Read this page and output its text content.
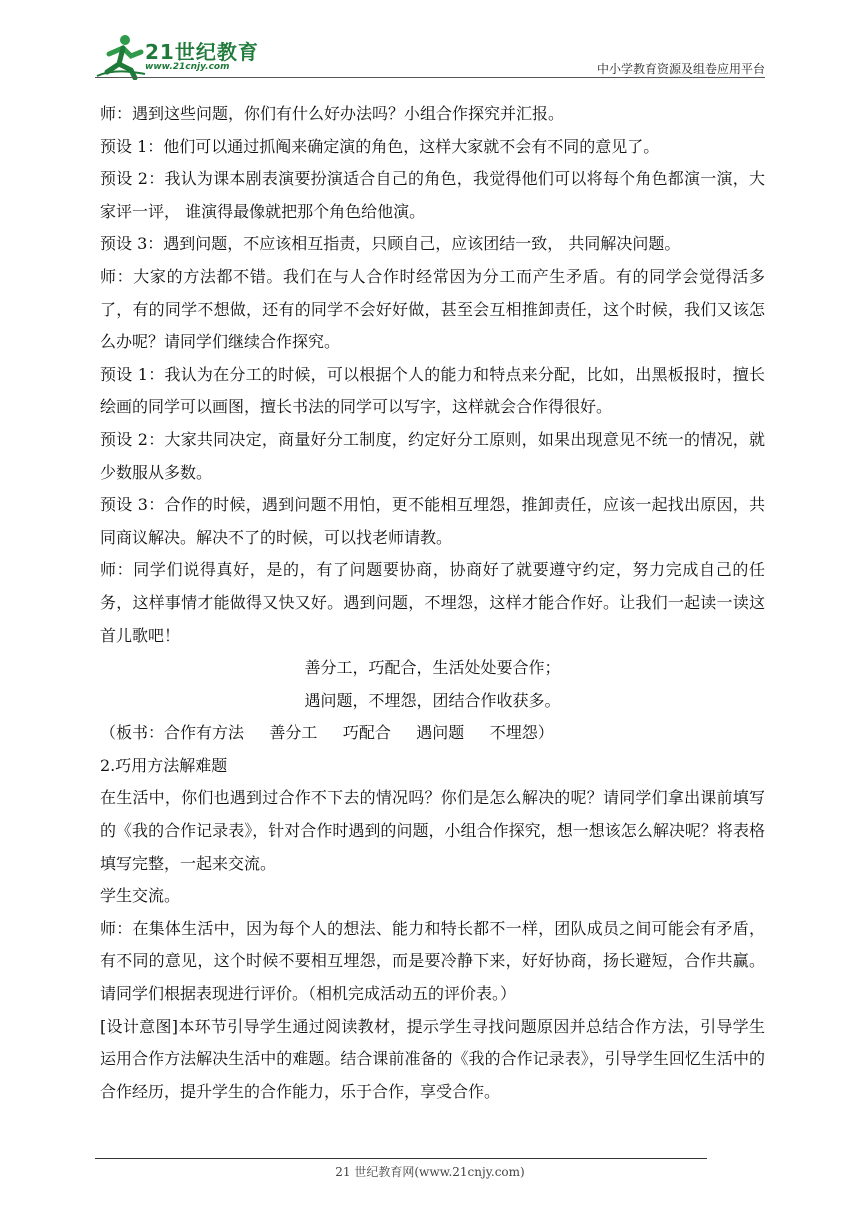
21世纪教育
www.21cnjy.com	中小学教育资源及组卷应用平台

师：遇到这些问题，你们有什么好办法吗？小组合作探究并汇报。

预设 1：他们可以通过抓阄来确定演的角色，这样大家就不会有不同的意见了。

预设 2：我认为课本剧表演要扮演适合自己的角色，我觉得他们可以将每个角色都演一演，大家评一评， 谁演得最像就把那个角色给他演。

预设 3：遇到问题，不应该相互指责，只顾自己，应该团结一致， 共同解决问题。

师：大家的方法都不错。我们在与人合作时经常因为分工而产生矛盾。有的同学会觉得活多了，有的同学不想做，还有的同学不会好好做，甚至会互相推卸责任，这个时候，我们又该怎么办呢？请同学们继续合作探究。

预设 1：我认为在分工的时候，可以根据个人的能力和特点来分配，比如，出黑板报时，擅长绘画的同学可以画图，擅长书法的同学可以写字，这样就会合作得很好。

预设 2：大家共同决定，商量好分工制度，约定好分工原则，如果出现意见不统一的情况，就少数服从多数。

预设 3：合作的时候，遇到问题不用怕，更不能相互埋怨，推卸责任，应该一起找出原因，共同商议解决。解决不了的时候，可以找老师请教。

师：同学们说得真好，是的，有了问题要协商，协商好了就要遵守约定，努力完成自己的任务，这样事情才能做得又快又好。遇到问题，不埋怨，这样才能合作好。让我们一起读一读这首儿歌吧！

善分工，巧配合，生活处处要合作；

遇问题，不埋怨，团结合作收获多。

（板书：合作有方法     善分工     巧配合     遇问题     不埋怨）

2.巧用方法解难题

在生活中，你们也遇到过合作不下去的情况吗？你们是怎么解决的呢？请同学们拿出课前填写的《我的合作记录表》，针对合作时遇到的问题，小组合作探究，想一想该怎么解决呢？将表格填写完整，一起来交流。

学生交流。

师：在集体生活中，因为每个人的想法、能力和特长都不一样，团队成员之间可能会有矛盾，有不同的意见，这个时候不要相互埋怨，而是要冷静下来，好好协商，扬长避短，合作共赢。请同学们根据表现进行评价。（相机完成活动五的评价表。）

[设计意图]本环节引导学生通过阅读教材，提示学生寻找问题原因并总结合作方法，引导学生运用合作方法解决生活中的难题。结合课前准备的《我的合作记录表》，引导学生回忆生活中的合作经历，提升学生的合作能力，乐于合作，享受合作。

21 世纪教育网(www.21cnjy.com)
